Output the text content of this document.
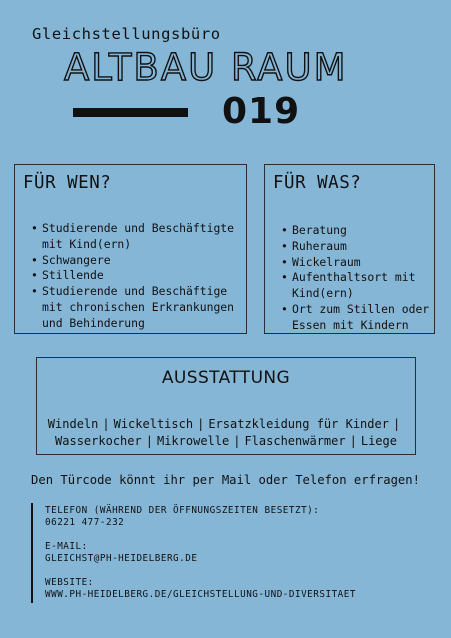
Gleichstellungsbüro
ALTBAU RAUM
019
FÜR WEN?
• Studierende und Beschäftigte mit Kind(ern)
• Schwangere
• Stillende
• Studierende und Beschäftige mit chronischen Erkrankungen und Behinderung
FÜR WAS?
• Beratung
• Ruheraum
• Wickelraum
• Aufenthaltsort mit Kind(ern)
• Ort zum Stillen oder Essen mit Kindern
AUSSTATTUNG
Windeln | Wickeltisch | Ersatzkleidung für Kinder |
Wasserkocher | Mikrowelle | Flaschenwärmer | Liege

Den Türcode könnt ihr per Mail oder Telefon erfragen!

TELEFON (WÄHREND DER ÖFFNUNGSZEITEN BESETZT):
06221 477-232
E-MAIL:
GLEICHST@PH-HEIDELBERG.DE
WEBSITE:
WWW.PH-HEIDELBERG.DE/GLEICHSTELLUNG-UND-DIVERSITAET
